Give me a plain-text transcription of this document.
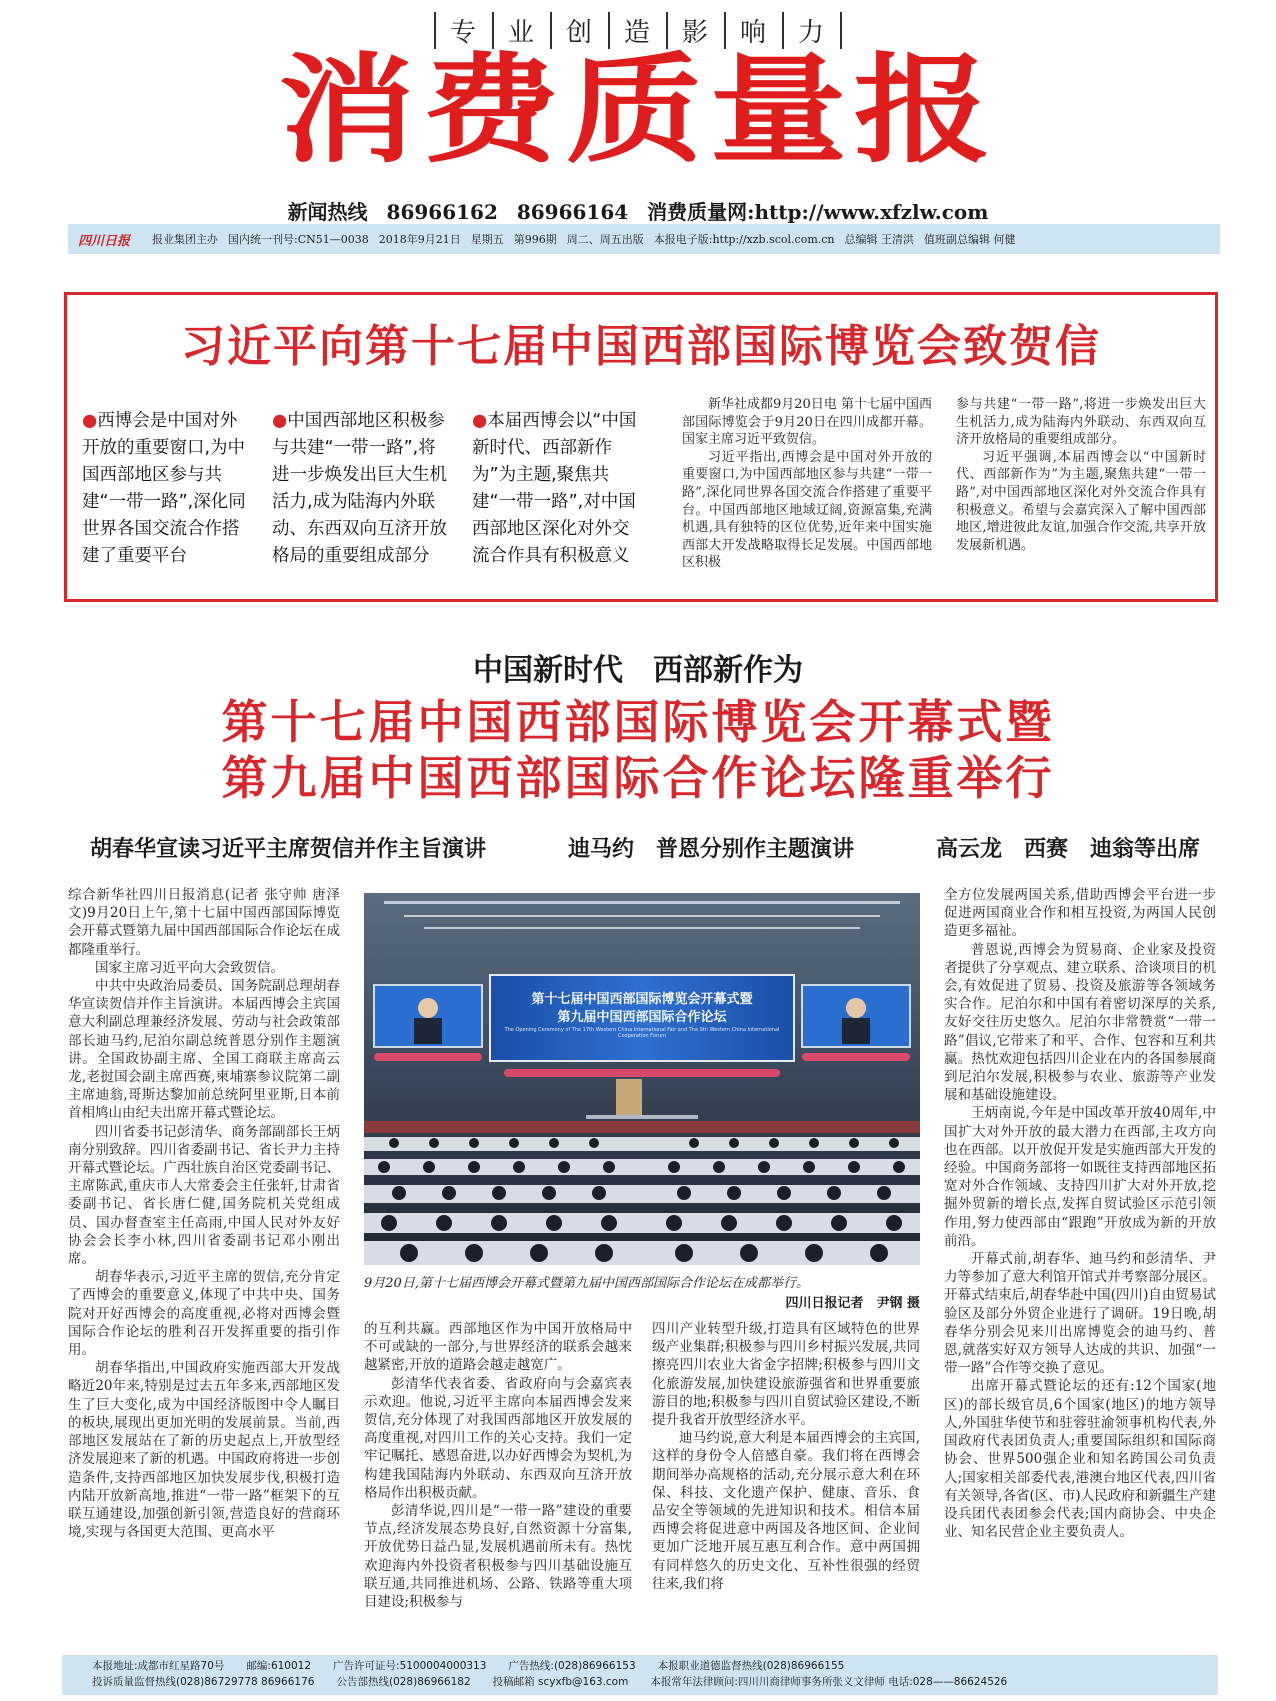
专 业 创 造 影 响 力
消费质量报
新闻热线 86966162 86966164 消费质量网:http://www.xfzlw.com
四川日报 报业集团主办 国内统一刊号:CN51—0038 2018年9月21日 星期五 第996期 周二、周五出版 本报电子版:http://xzb.scol.com.cn 总编辑 王清洪 值班副总编辑 何健
习近平向第十七届中国西部国际博览会致贺信
●西博会是中国对外开放的重要窗口,为中国西部地区参与共建“一带一路”,深化同世界各国交流合作搭建了重要平台
●中国西部地区积极参与共建“一带一路”,将进一步焕发出巨大生机活力,成为陆海内外联动、东西双向互济开放格局的重要组成部分
●本届西博会以“中国新时代、西部新作为”为主题,聚焦共建“一带一路”,对中国西部地区深化对外交流合作具有积极意义

新华社成都9月20日电 第十七届中国西部国际博览会于9月20日在四川成都开幕。国家主席习近平致贺信。

习近平指出,西博会是中国对外开放的重要窗口,为中国西部地区参与共建“一带一路”,深化同世界各国交流合作搭建了重要平台。中国西部地区地域辽阔,资源富集,充满机遇,具有独特的区位优势,近年来中国实施西部大开发战略取得长足发展。中国西部地区积极

参与共建“一带一路”,将进一步焕发出巨大生机活力,成为陆海内外联动、东西双向互济开放格局的重要组成部分。

习近平强调,本届西博会以“中国新时代、西部新作为”为主题,聚焦共建“一带一路”,对中国西部地区深化对外交流合作具有积极意义。希望与会嘉宾深入了解中国西部地区,增进彼此友谊,加强合作交流,共享开放发展新机遇。

中国新时代　西部新作为
第十七届中国西部国际博览会开幕式暨
第九届中国西部国际合作论坛隆重举行
胡春华宣读习近平主席贺信并作主旨演讲	迪马约　普恩分别作主题演讲	高云龙　西赛　迪翁等出席

综合新华社四川日报消息(记者 张守帅 唐泽文)9月20日上午,第十七届中国西部国际博览会开幕式暨第九届中国西部国际合作论坛在成都隆重举行。

国家主席习近平向大会致贺信。

中共中央政治局委员、国务院副总理胡春华宣读贺信并作主旨演讲。本届西博会主宾国意大利副总理兼经济发展、劳动与社会政策部部长迪马约,尼泊尔副总统普恩分别作主题演讲。全国政协副主席、全国工商联主席高云龙,老挝国会副主席西赛,柬埔寨参议院第二副主席迪翁,哥斯达黎加前总统阿里亚斯,日本前首相鸠山由纪夫出席开幕式暨论坛。

四川省委书记彭清华、商务部副部长王炳南分别致辞。四川省委副书记、省长尹力主持开幕式暨论坛。广西壮族自治区党委副书记、主席陈武,重庆市人大常委会主任张轩,甘肃省委副书记、省长唐仁健,国务院机关党组成员、国办督查室主任高雨,中国人民对外友好协会会长李小林,四川省委副书记邓小刚出席。

胡春华表示,习近平主席的贺信,充分肯定了西博会的重要意义,体现了中共中央、国务院对开好西博会的高度重视,必将对西博会暨国际合作论坛的胜利召开发挥重要的指引作用。

胡春华指出,中国政府实施西部大开发战略近20年来,特别是过去五年多来,西部地区发生了巨大变化,成为中国经济版图中令人瞩目的板块,展现出更加光明的发展前景。当前,西部地区发展站在了新的历史起点上,开放型经济发展迎来了新的机遇。中国政府将进一步创造条件,支持西部地区加快发展步伐,积极打造内陆开放新高地,推进“一带一路”框架下的互联互通建设,加强创新引领,营造良好的营商环境,实现与各国更大范围、更高水平

的互利共赢。西部地区作为中国开放格局中不可或缺的一部分,与世界经济的联系会越来越紧密,开放的道路会越走越宽广。

彭清华代表省委、省政府向与会嘉宾表示欢迎。他说,习近平主席向本届西博会发来贺信,充分体现了对我国西部地区开放发展的高度重视,对四川工作的关心支持。我们一定牢记嘱托、感恩奋进,以办好西博会为契机,为构建我国陆海内外联动、东西双向互济开放格局作出积极贡献。

彭清华说,四川是“一带一路”建设的重要节点,经济发展态势良好,自然资源十分富集,开放优势日益凸显,发展机遇前所未有。热忱欢迎海内外投资者积极参与四川基础设施互联互通,共同推进机场、公路、铁路等重大项目建设;积极参与

四川产业转型升级,打造具有区域特色的世界级产业集群;积极参与四川乡村振兴发展,共同擦亮四川农业大省金字招牌;积极参与四川文化旅游发展,加快建设旅游强省和世界重要旅游目的地;积极参与四川自贸试验区建设,不断提升我省开放型经济水平。

迪马约说,意大利是本届西博会的主宾国,这样的身份令人倍感自豪。我们将在西博会期间举办高规格的活动,充分展示意大利在环保、科技、文化遗产保护、健康、音乐、食品安全等领域的先进知识和技术。相信本届西博会将促进意中两国及各地区间、企业间更加广泛地开展互惠互利合作。意中两国拥有同样悠久的历史文化、互补性很强的经贸往来,我们将

全方位发展两国关系,借助西博会平台进一步促进两国商业合作和相互投资,为两国人民创造更多福祉。

普恩说,西博会为贸易商、企业家及投资者提供了分享观点、建立联系、洽谈项目的机会,有效促进了贸易、投资及旅游等各领域务实合作。尼泊尔和中国有着密切深厚的关系,友好交往历史悠久。尼泊尔非常赞赏“一带一路”倡议,它带来了和平、合作、包容和互利共赢。热忱欢迎包括四川企业在内的各国参展商到尼泊尔发展,积极参与农业、旅游等产业发展和基础设施建设。

王炳南说,今年是中国改革开放40周年,中国扩大对外开放的最大潜力在西部,主攻方向也在西部。以开放促开发是实施西部大开发的经验。中国商务部将一如既往支持西部地区拓宽对外合作领域、支持四川扩大对外开放,挖掘外贸新的增长点,发挥自贸试验区示范引领作用,努力使西部由“跟跑”开放成为新的开放前沿。

开幕式前,胡春华、迪马约和彭清华、尹力等参加了意大利馆开馆式并考察部分展区。开幕式结束后,胡春华赴中国(四川)自由贸易试验区及部分外贸企业进行了调研。19日晚,胡春华分别会见来川出席博览会的迪马约、普恩,就落实好双方领导人达成的共识、加强“一带一路”合作等交换了意见。

出席开幕式暨论坛的还有:12个国家(地区)的部长级官员,6个国家(地区)的地方领导人,外国驻华使节和驻蓉驻渝领事机构代表,外国政府代表团负责人;重要国际组织和国际商协会、世界500强企业和知名跨国公司负责人;国家相关部委代表,港澳台地区代表,四川省有关领导,各省(区、市)人民政府和新疆生产建设兵团代表团参会代表;国内商协会、中央企业、知名民营企业主要负责人。

第十七届中国西部国际博览会开幕式暨
第九届中国西部国际合作论坛
The Opening Ceremony of The 17th Western China International Fair and The 9th Western China International Cooperation Forum
9月20日,第十七届西博会开幕式暨第九届中国西部国际合作论坛在成都举行。
四川日报记者　尹钢 摄
本报地址:成都市红星路70号 邮编:610012 广告许可证号:5100004000313 广告热线:(028)86966153 本报职业道德监督热线(028)86966155
投诉质量监督热线(028)86729778 86966176 公告部热线(028)86966182 投稿邮箱 scyxfb@163.com 本报常年法律顾问:四川川商律师事务所张义文律师 电话:028——86624526
